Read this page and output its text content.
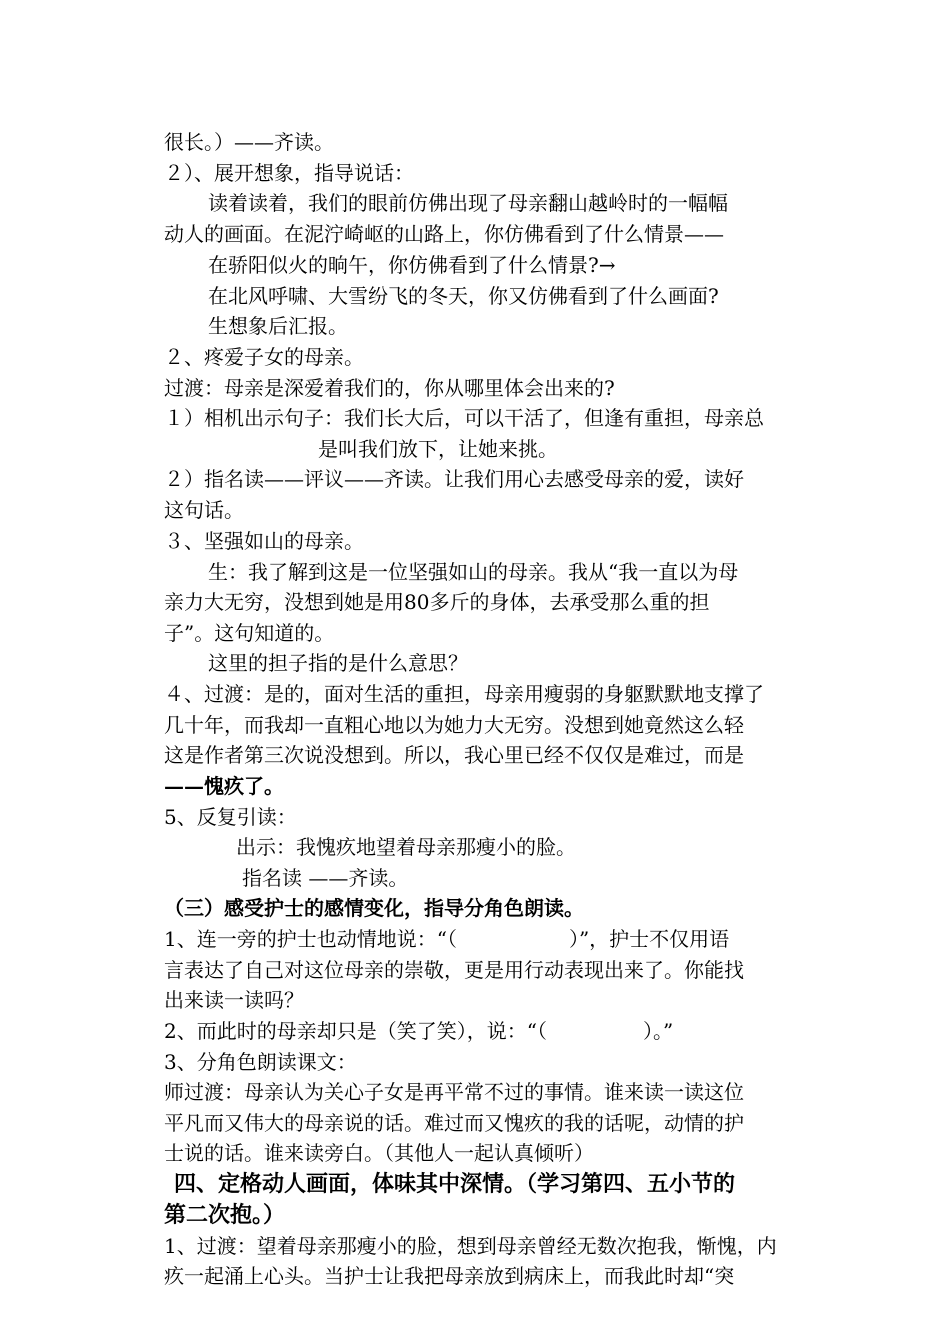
很长。）——齐读。
２）、展开想象，指导说话：
读着读着，我们的眼前仿佛出现了母亲翻山越岭时的一幅幅
动人的画面。在泥泞崎岖的山路上，你仿佛看到了什么情景——
在骄阳似火的晌午，你仿佛看到了什么情景?→
在北风呼啸、大雪纷飞的冬天，你又仿佛看到了什么画面?
生想象后汇报。
２、疼爱子女的母亲。
过渡：母亲是深爱着我们的，你从哪里体会出来的?
１）相机出示句子：我们长大后，可以干活了，但逢有重担，母亲总
是叫我们放下，让她来挑。
２）指名读——评议——齐读。让我们用心去感受母亲的爱，读好
这句话。
３、坚强如山的母亲。
生：我了解到这是一位坚强如山的母亲。我从“我一直以为母
亲力大无穷，没想到她是用80多斤的身体，去承受那么重的担
子”。这句知道的。
这里的担子指的是什么意思？
４、过渡：是的，面对生活的重担，母亲用瘦弱的身躯默默地支撑了
几十年，而我却一直粗心地以为她力大无穷。没想到她竟然这么轻
这是作者第三次说没想到。所以，我心里已经不仅仅是难过，而是
——愧疚了。
5、反复引读：
出示：我愧疚地望着母亲那瘦小的脸。
指名读 ——齐读。
（三）感受护士的感情变化，指导分角色朗读。
1、连一旁的护士也动情地说：“（	）”，护士不仅用语
言表达了自己对这位母亲的崇敬，更是用行动表现出来了。你能找
出来读一读吗？
2、而此时的母亲却只是（笑了笑），说：“（	）。”
3、分角色朗读课文：
师过渡：母亲认为关心子女是再平常不过的事情。谁来读一读这位
平凡而又伟大的母亲说的话。难过而又愧疚的我的话呢，动情的护
士说的话。谁来读旁白。（其他人一起认真倾听）
四、定格动人画面，体味其中深情。（学习第四、五小节的
第二次抱。）
1、过渡：望着母亲那瘦小的脸，想到母亲曾经无数次抱我，惭愧，内
疚一起涌上心头。当护士让我把母亲放到病床上，而我此时却“突
